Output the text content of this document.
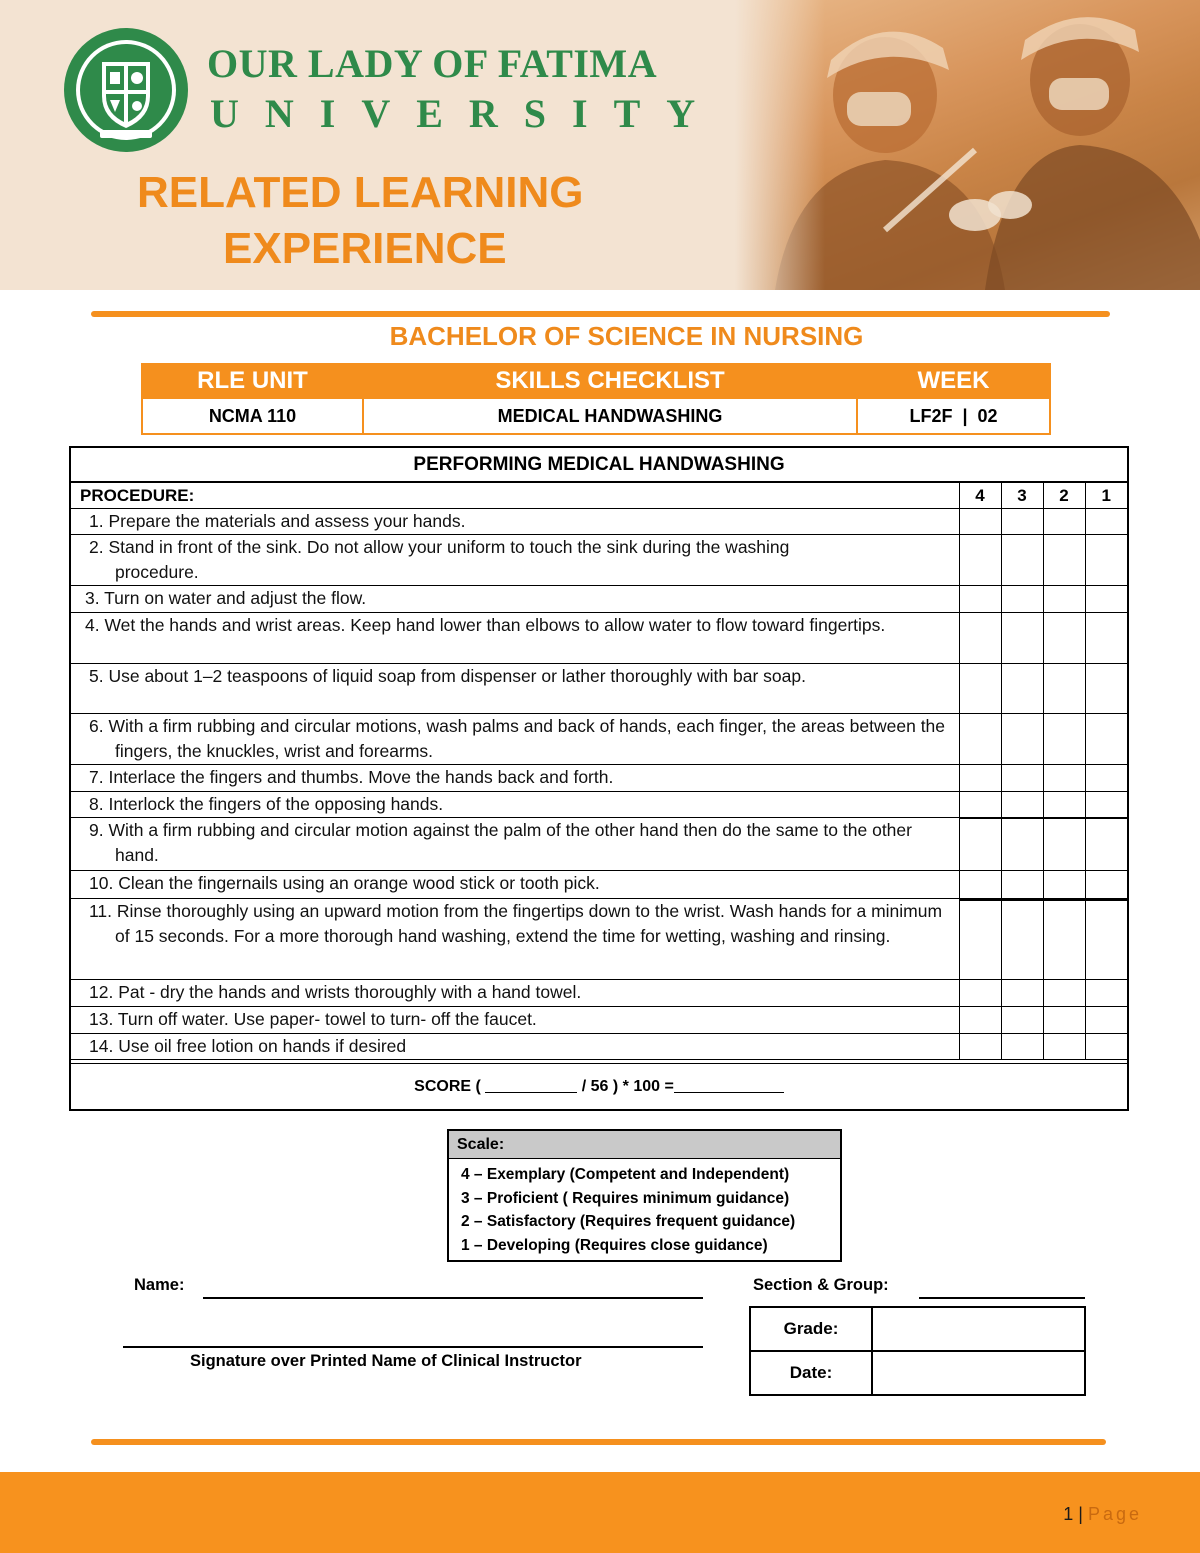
OUR LADY OF FATIMA
UNIVERSITY
RELATED LEARNING
EXPERIENCE
BACHELOR OF SCIENCE IN NURSING
RLE UNIT	SKILLS CHECKLIST	WEEK
NCMA 110	MEDICAL HANDWASHING	LF2F  |  02
PERFORMING MEDICAL HANDWASHING
PROCEDURE:	4	3	2	1

1. Prepare the materials and assess your hands.				

2. Stand in front of the sink. Do not allow your uniform to touch the sink during the washing procedure.				

3. Turn on water and adjust the flow.				

4. Wet the hands and wrist areas. Keep hand lower than elbows to allow water to flow toward fingertips.				

5. Use about 1–2 teaspoons of liquid soap from dispenser or lather thoroughly with bar soap.				

6. With a firm rubbing and circular motions, wash palms and back of hands, each finger, the areas between the fingers, the knuckles, wrist and forearms.				

7. Interlace the fingers and thumbs. Move the hands back and forth.				

8. Interlock the fingers of the opposing hands.				

9. With a firm rubbing and circular motion against the palm of the other hand then do the same to the other hand.				

10. Clean the fingernails using an orange wood stick or tooth pick.				

11. Rinse thoroughly using an upward motion from the fingertips down to the wrist. Wash hands for a minimum of 15 seconds. For a more thorough hand washing, extend the time for wetting, washing and rinsing.				

12. Pat - dry the hands and wrists thoroughly with a hand towel.				

13. Turn off water. Use paper- towel to turn- off the faucet.				

14. Use oil free lotion on hands if desired				

SCORE (	/ 56 ) * 100 =
Scale:
4 – Exemplary (Competent and Independent)
3 – Proficient ( Requires minimum guidance)
2 – Satisfactory (Requires frequent guidance)
1 – Developing (Requires close guidance)
Name:	Section & Group:
Signature over Printed Name of Clinical Instructor
Grade:	
Date:	
1 | Page
